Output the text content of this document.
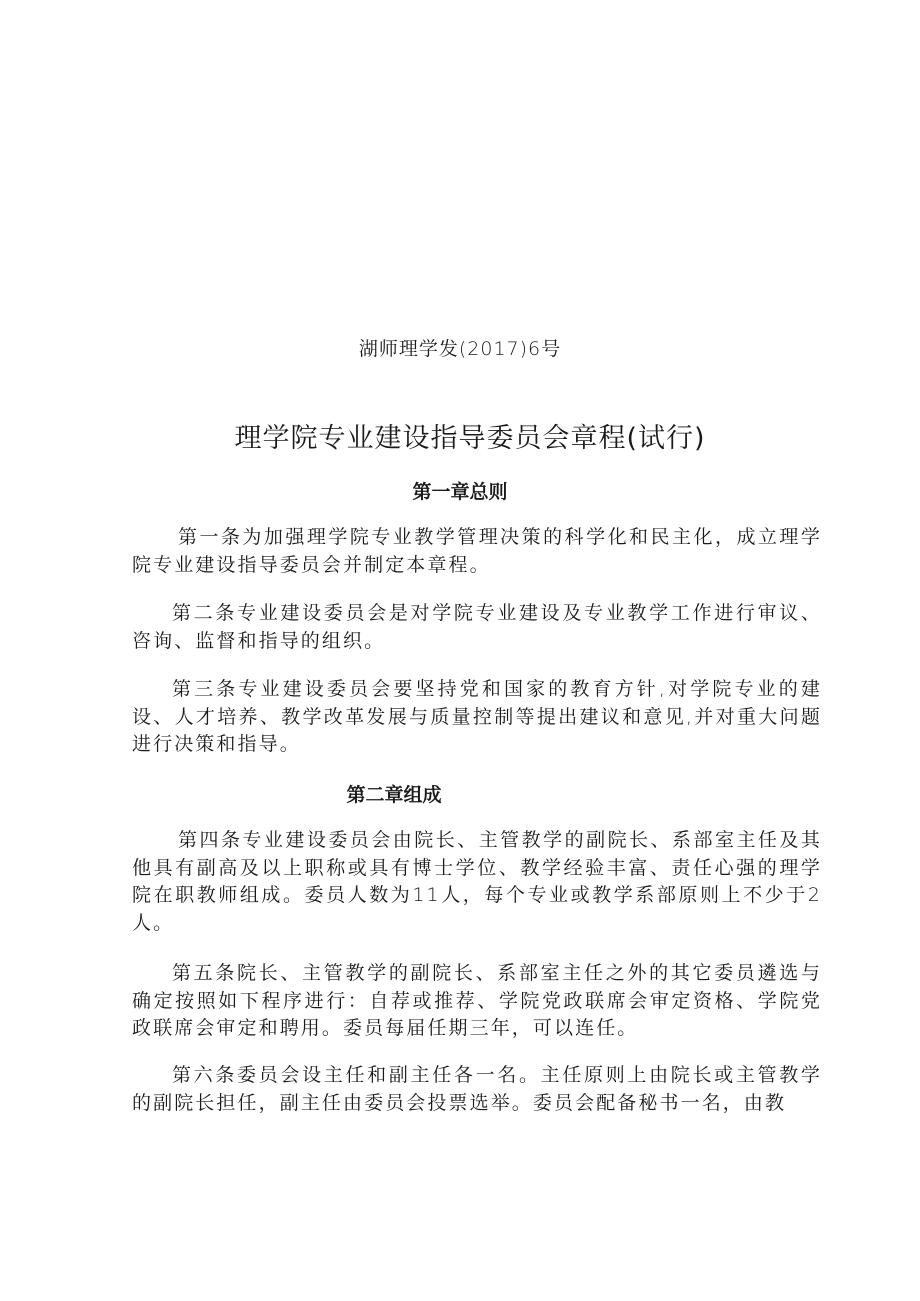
湖师理学发(2017)6号
理学院专业建设指导委员会章程(试行)
第一章总则

第一条为加强理学院专业教学管理决策的科学化和民主化，成立理学院专业建设指导委员会并制定本章程。

第二条专业建设委员会是对学院专业建设及专业教学工作进行审议、咨询、监督和指导的组织。

第三条专业建设委员会要坚持党和国家的教育方针,对学院专业的建设、人才培养、教学改革发展与质量控制等提出建议和意见,并对重大问题进行决策和指导。

第二章组成

第四条专业建设委员会由院长、主管教学的副院长、系部室主任及其他具有副高及以上职称或具有博士学位、教学经验丰富、责任心强的理学院在职教师组成。委员人数为11人，每个专业或教学系部原则上不少于2人。

第五条院长、主管教学的副院长、系部室主任之外的其它委员遴选与确定按照如下程序进行：自荐或推荐、学院党政联席会审定资格、学院党政联席会审定和聘用。委员每届任期三年，可以连任。

第六条委员会设主任和副主任各一名。主任原则上由院长或主管教学的副院长担任，副主任由委员会投票选举。委员会配备秘书一名，由教
